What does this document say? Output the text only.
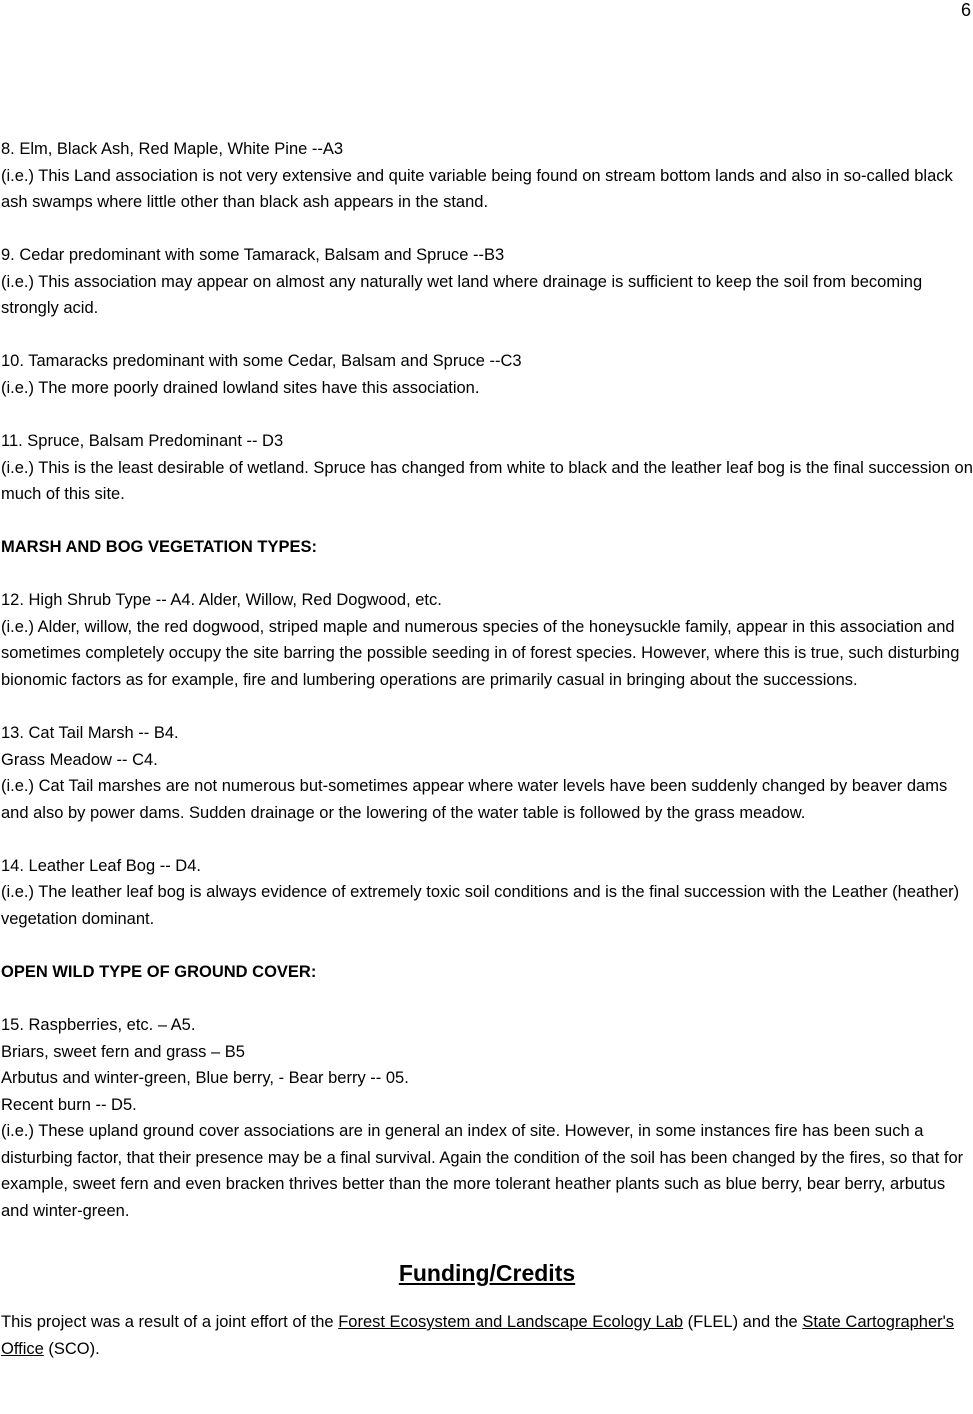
6
8. Elm, Black Ash, Red Maple, White Pine --A3
(i.e.) This Land association is not very extensive and quite variable being found on stream bottom lands and also in so-called black ash swamps where little other than black ash appears in the stand.
9. Cedar predominant with some Tamarack, Balsam and Spruce --B3
(i.e.) This association may appear on almost any naturally wet land where drainage is sufficient to keep the soil from becoming strongly acid.
10. Tamaracks predominant with some Cedar, Balsam and Spruce --C3
(i.e.) The more poorly drained lowland sites have this association.
11. Spruce, Balsam Predominant -- D3
(i.e.) This is the least desirable of wetland. Spruce has changed from white to black and the leather leaf bog is the final succession on much of this site.
MARSH AND BOG VEGETATION TYPES:
12. High Shrub Type -- A4. Alder, Willow, Red Dogwood, etc.
(i.e.) Alder, willow, the red dogwood, striped maple and numerous species of the honeysuckle family, appear in this association and sometimes completely occupy the site barring the possible seeding in of forest species. However, where this is true, such disturbing bionomic factors as for example, fire and lumbering operations are primarily casual in bringing about the successions.
13. Cat Tail Marsh -- B4.
Grass Meadow -- C4.
(i.e.) Cat Tail marshes are not numerous but-sometimes appear where water levels have been suddenly changed by beaver dams and also by power dams. Sudden drainage or the lowering of the water table is followed by the grass meadow.
14. Leather Leaf Bog -- D4.
(i.e.) The leather leaf bog is always evidence of extremely toxic soil conditions and is the final succession with the Leather (heather) vegetation dominant.
OPEN WILD TYPE OF GROUND COVER:
15. Raspberries, etc. – A5.
Briars, sweet fern and grass – B5
Arbutus and winter-green, Blue berry, - Bear berry -- 05.
Recent burn -- D5.
(i.e.) These upland ground cover associations are in general an index of site. However, in some instances fire has been such a disturbing factor, that their presence may be a final survival. Again the condition of the soil has been changed by the fires, so that for example, sweet fern and even bracken thrives better than the more tolerant heather plants such as blue berry, bear berry, arbutus and winter-green.
Funding/Credits

This project was a result of a joint effort of the Forest Ecosystem and Landscape Ecology Lab (FLEL) and the State Cartographer's Office (SCO).
